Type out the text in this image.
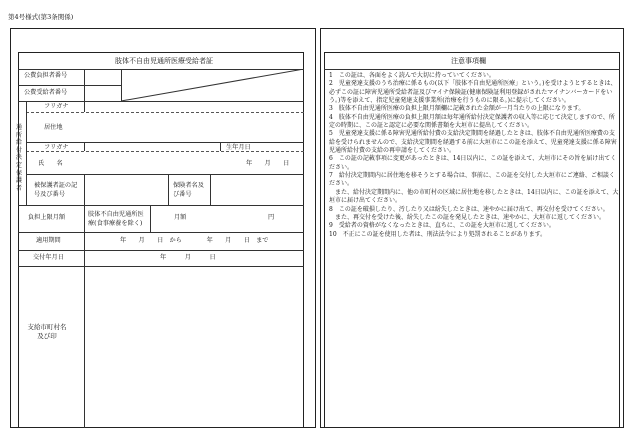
第4号様式(第3条関係)
肢体不自由児通所医療受給者証
公費負担者番号
公費受給者番号
通所給付決定保護者
フリガナ
居住地
フリガナ	生年月日
氏　　名	年　　月　　日
被保護者証の記号及び番号
保険者名及び番号
負担上限月額	肢体不自由児通所医療(食事療養を除く)
月額	円
適用期間	年　　月　　日　から　　　　年　　月　　日　まで
交付年月日	年　　　月　　　日
支給市町村名及び印
注意事項欄

1　この証は、各面をよく読んで大切に持っていてください。

2　児童発達支援のうち治療に係るもの(以下「肢体不自由児通所医療」という。)を受けようとするときは、必ずこの証に障害児通所受給者証及びマイナ保険証(健康保険証利用登録がされたマイナンバーカードをいう。)等を添えて、指定児童発達支援事業所(治療を行うものに限る。)に提示してください。

3　肢体不自由児通所医療の負担上限月額欄に記載された金額が一月当たりの上限になります。

4　肢体不自由児通所医療の負担上限月額は毎年通所給付決定保護者の収入等に応じて決定しますので、所定の時期に、この証と認定に必要な関係書類を大垣市に提出してください。

5　児童発達支援に係る障害児通所給付費の支給決定期間を経過したときは、肢体不自由児通所医療費の支給を受けられませんので、支給決定期間を経過する前に大垣市にこの証を添えて、児童発達支援に係る障害児通所給付費の支給の再申請をしてください。

6　この証の記載事項に変更があったときは、14日以内に、この証を添えて、大垣市にその旨を届け出てください。

7　給付決定期間内に居住地を移そうとする場合は、事前に、この証を交付した大垣市にご連絡、ご相談ください。

　また、給付決定期間内に、他の市町村の区域に居住地を移したときは、14日以内に、この証を添えて、大垣市に届け出てください。

8　この証を破損したり、汚したり又は紛失したときは、速やかに届け出て、再交付を受けてください。

　また、再交付を受けた後、紛失したこの証を発見したときは、速やかに、大垣市に返してください。

9　受給者の資格がなくなったときは、直ちに、この証を大垣市に返してください。

10　不正にこの証を使用した者は、刑法法令により処罰されることがあります。
